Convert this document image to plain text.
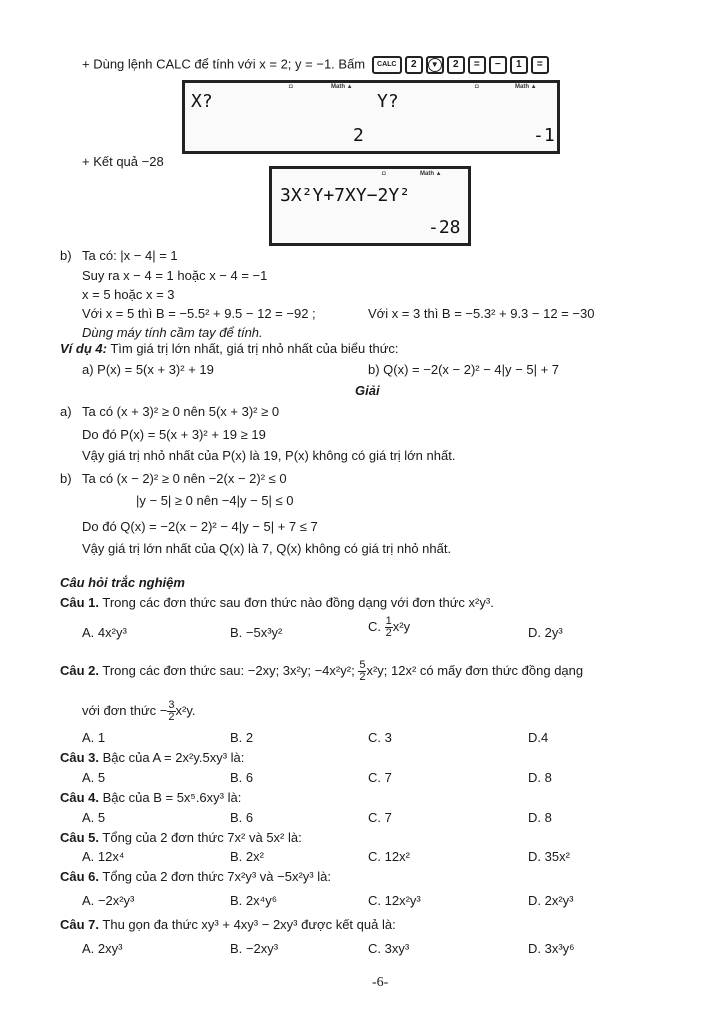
+ Dùng lệnh CALC để tính với x = 2; y = −1. Bấm CALC 2 ▼ 2 = − 1 =
◘	Math ▲	◘	Math ▲
X?	Y?
2	-1
+ Kết quả −28
◘	Math ▲
3X²Y+7XY−2Y²
-28
b) Ta có: |x − 4| = 1
Suy ra x − 4 = 1 hoặc x − 4 = −1
x = 5 hoặc x = 3
Với x = 5 thì B = −5.5² + 9.5 − 12 = −92 ;	Với x = 3 thì B = −5.3² + 9.3 − 12 = −30
Dùng máy tính cầm tay để tính.
Ví dụ 4: Tìm giá trị lớn nhất, giá trị nhỏ nhất của biểu thức:
a) P(x) = 5(x + 3)² + 19	b) Q(x) = −2(x − 2)² − 4|y − 5| + 7
Giải
a) Ta có (x + 3)² ≥ 0 nên 5(x + 3)² ≥ 0
Do đó P(x) = 5(x + 3)² + 19 ≥ 19
Vậy giá trị nhỏ nhất của P(x) là 19, P(x) không có giá trị lớn nhất.
b) Ta có (x − 2)² ≥ 0 nên −2(x − 2)² ≤ 0
|y − 5| ≥ 0 nên −4|y − 5| ≤ 0
Do đó Q(x) = −2(x − 2)² − 4|y − 5| + 7 ≤ 7
Vậy giá trị lớn nhất của Q(x) là 7, Q(x) không có giá trị nhỏ nhất.
Câu hỏi trắc nghiệm
Câu 1. Trong các đơn thức sau đơn thức nào đồng dạng với đơn thức x²y³.
A. 4x²y³	B. −5x³y²	C. $\frac{1}{2} x^2y$	D. 2y³
Câu 2. Trong các đơn thức sau: −2xy; 3x²y; −4x²y²; $\frac{5}{2} x^2y$; 12x² có mấy đơn thức đồng dạng
với đơn thức − $\frac{3}{2} x^2y$.
A. 1	B. 2	C. 3	D.4
Câu 3. Bậc của A = 2x²y.5xy³ là:
A. 5	B. 6	C. 7	D. 8
Câu 4. Bậc của B = 5x⁵.6xy³ là:
A. 5	B. 6	C. 7	D. 8
Câu 5. Tổng của 2 đơn thức 7x² và 5x² là:
A. 12x⁴	B. 2x²	C. 12x²	D. 35x²
Câu 6. Tổng của 2 đơn thức 7x²y³ và −5x²y³ là:
A. −2x²y³	B. 2x⁴y⁶	C. 12x²y³	D. 2x²y³
Câu 7. Thu gọn đa thức xy³ + 4xy³ − 2xy³ được kết quả là:
A. 2xy³	B. −2xy³	C. 3xy³	D. 3x³y⁶
-6-
